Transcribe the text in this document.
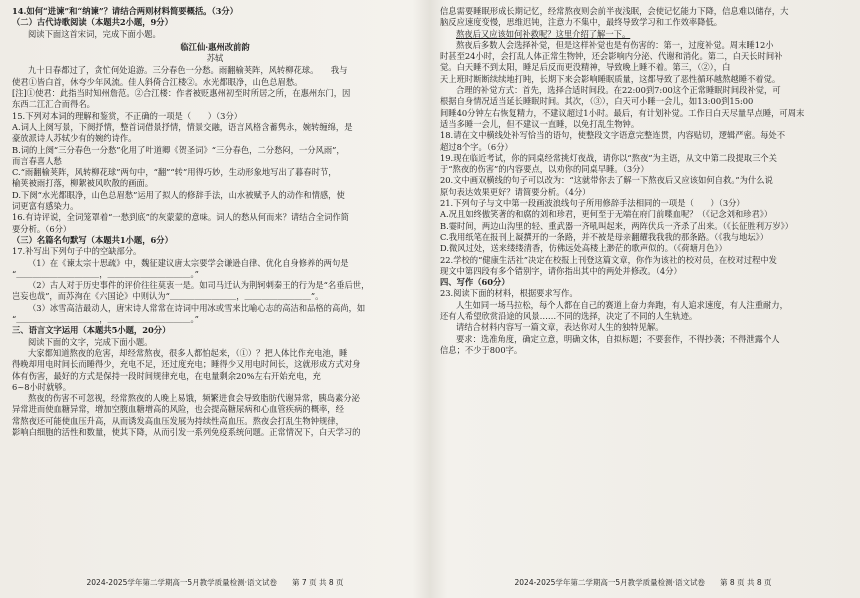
14.如何“进谏”和“纳谏”？请结合两则材料简要概括。（3分）

（二）古代诗歌阅读（本题共2小题，9分）

阅读下面这首宋词，完成下面小题。

临江仙·惠州改前韵

苏轼

九十日春都过了，贪忙何处追游。三分春色一分愁。雨翻榆荚阵，风转柳花球。　　我与

使君①皆白首，休夸少年风流。佳人斜倚合江楼②。水光都眼净，山色总眉愁。

[注]①使君：此指当时知州詹范。②合江楼：作者被贬惠州初至时所居之所，在惠州东门，因

东西二江汇合而得名。

15.下列对本词的理解和鉴赏，不正确的一项是（　　）（3分）

A.词人上阕写景，下阕抒情，整首词借景抒情，情景交融，语言风格含蓄隽永，婉转缠绵，是

豪放派诗人苏轼少有的婉约诗作。

B.词的上阕“三分春色一分愁”化用了叶道卿《贺圣词》“三分春色，二分愁闷，一分风雨”，

而言春喜人愁

C.“雨翻榆荚阵，风转柳花球”两句中，“翻”“转”用得巧妙，生动形象地写出了暮春时节，

榆荚被雨打落，柳絮被风吹散的画面。

D.下阕“水光都眼净，山色总眉愁”运用了拟人的修辞手法，山水被赋予人的动作和情感，使

词更富有感染力。

16.有诗评说，全词笼罩着“一愁到底”的灰蒙蒙的意味。词人的愁从何而来？请结合全词作简

要分析。（6分）

（三）名篇名句默写（本题共1小题，6分）

17.补写出下列句子中的空缺部分。

（1）在《谏太宗十思疏》中，魏征建议唐太宗要学会谦逊自律、优化自身修养的两句是

“＿＿＿＿＿＿＿＿＿＿，＿＿＿＿＿＿＿＿＿＿。”

（2）古人对于历史事件的评价往往莫衷一是。如司马迁认为荆轲刺秦王的行为是“名垂后世，

岂妄也哉”，而苏洵在《六国论》中则认为“＿＿＿＿＿＿＿＿，＿＿＿＿＿＿＿＿”。

（3）冰雪高洁最动人，唐宋诗人常常在诗词中用冰或雪来比喻心志的高洁和品格的高尚，如

“＿＿＿＿＿＿＿＿＿＿，＿＿＿＿＿＿＿＿＿＿。”

三、语言文字运用（本题共5小题，20分）

阅读下面的文字，完成下面小题。

大家都知道熬夜的危害，却经常熬夜，很多人都怕起来，（①）？把人体比作充电池，睡

得晚却用电时间长而睡得少，充电不足，还过度充电；睡得少又用电时间长，这就形成方式对身

体有伤害，最好的方式是保持一段时间规律充电，在电量剩余20%左右开始充电，充

6~8小时就够。

熬夜的伤害不可忽视，经常熬夜的人晚上易饿，频繁进食会导致脂肪代谢异常，胰岛素分泌

异常进而使血糖异常，增加空腹血糖增高的风险，也会提高糖尿病和心血管疾病的概率，经

常熬夜还可能使血压升高，从而诱发高血压发展为持续性高血压。熬夜会打乱生物钟规律，

影响白细胞的活性和数量，使其下降，从而引发一系列免疫系统问题。正常情况下，白天学习的

2024-2025学年第二学期高一5月教学质量检测·语文试卷　　第 7 页 共 8 页

信息需要睡眠形成长期记忆，经常熬夜则会前半夜浅眠，会使记忆能力下降，信息难以储存，大

脑反应速度变慢，思维迟钝，注意力不集中，最终导致学习和工作效率降低。

熬夜后又应该如何补救呢？这里介绍了解一下。

熬夜后多数人会选择补觉，但是这样补觉也是有伤害的：第一，过度补觉。周末睡12小

时甚至24小时，会打乱人体正常生物钟，还会影响内分泌、代谢和消化。第二，白天长时间补

觉。白天睡不到太阳，睡足后反而更没精神，导致晚上睡不着。第三，（②），白

天上班时断断续续地打盹，长期下来会影响睡眠质量，这都导致了恶性循环越熬越睡不着觉。

合理的补觉方式：首先，选择合适时间段。在22:00到7:00这个正常睡眠时间段补觉，可

根据自身情况适当延长睡眠时间。其次，（③），白天可小睡一会儿，如13:00到15:00

间睡40分钟左右恢复精力，不建议超过1小时。最后，有计划补觉。工作日白天尽量早点睡，可周末

适当多睡一会儿，但不建议一直睡，以免打乱生物钟。

18.请在文中横线处补写恰当的语句，使整段文字语意完整连贯，内容贴切，逻辑严密。每处不

超过8个字。（6分）

19.现在临近考试，你的同桌经常挑灯夜战，请你以“熬夜”为主语，从文中第二段提取三个关

于“熬夜的伤害”的内容要点，以劝你的同桌早睡。（3分）

20.文中画双横线的句子可以改为：“这就带你去了解一下熬夜后又应该如何自救。”为什么说

原句表达效果更好？请简要分析。（4分）

21.下列句子与文中第一段画波浪线句子所用修辞手法相同的一项是（　　）（3分）

A.况且如终傲笑著的和腐的刘和珍君，更何至于无端在府门前喋血呢？（《记念刘和珍君》）

B.霎时间，两边山沟里的轻、重武器一齐吼叫起来，两阵伏兵一齐杀了出来。（《长征胜利万岁》）

C.我用纸笔在报刊上凝撰开的一条路，并不被是母亲翻耀我我我的那条路。（《我与地坛》）

D.微风过处，送来缕缕清香，仿佛远处高楼上渺茫的歌声似的。（《荷塘月色》）

22.学校的“健康生活社”决定在校报上刊登这篇文章，你作为该社的校对员，在校对过程中发

现文中第四段有多个错别字，请你指出其中的两处并修改。（4分）

四、写作（60分）

23.阅读下面的材料，根据要求写作。

人生如同一场马拉松，每个人都在自己的赛道上奋力奔跑，有人追求速度，有人注重耐力，

还有人希望欣赏沿途的风景……不同的选择，决定了不同的人生轨迹。

请结合材料内容写一篇文章，表达你对人生的独特见解。

要求：选准角度，确定立意，明确文体，自拟标题；不要套作，不得抄袭；不得泄露个人

信息；不少于800字。

2024-2025学年第二学期高一5月教学质量检测·语文试卷　　第 8 页 共 8 页
